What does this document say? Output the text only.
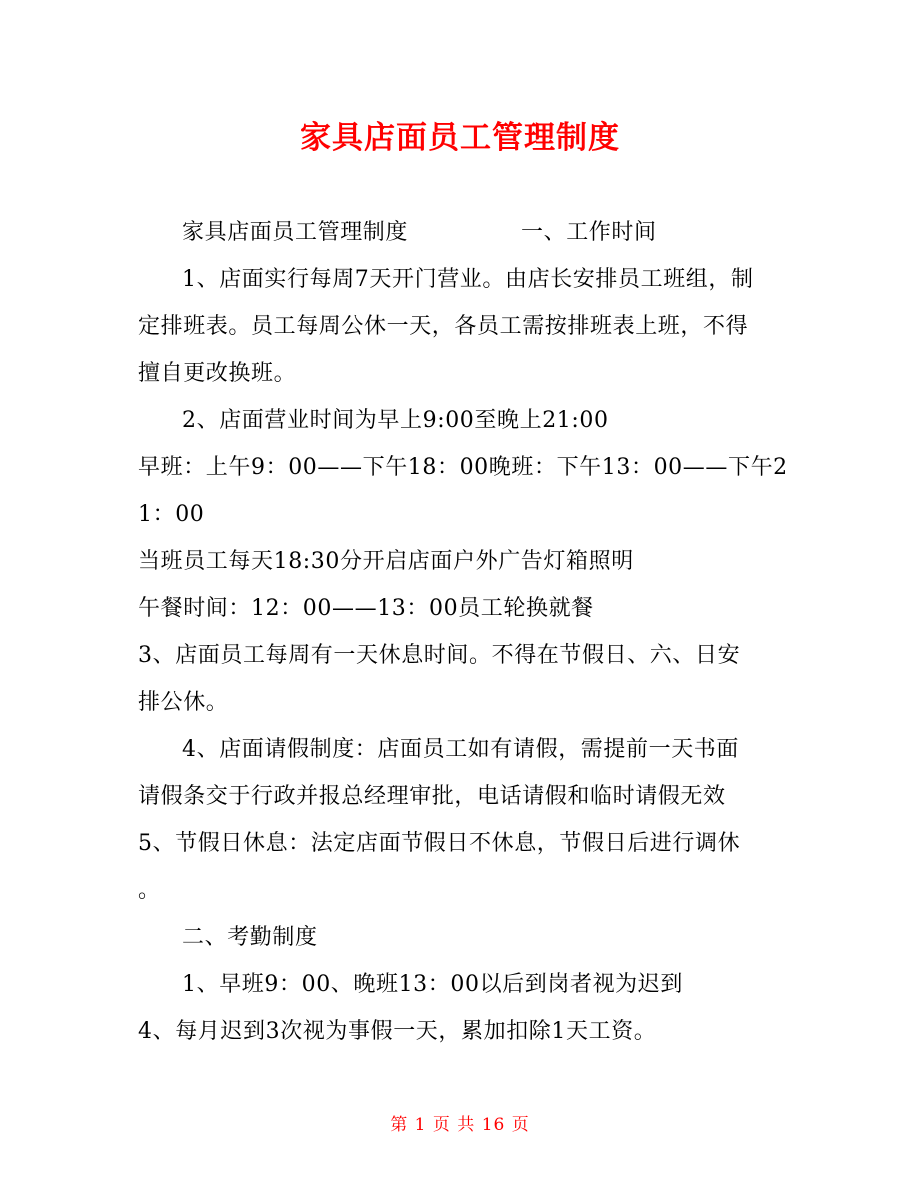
家具店面员工管理制度
家具店面员工管理制度　　　　　一、工作时间
1、店面实行每周7天开门营业。由店长安排员工班组，制
定排班表。员工每周公休一天，各员工需按排班表上班，不得
擅自更改换班。
2、店面营业时间为早上9:00至晚上21:00
早班：上午9：00——下午18：00晚班：下午13：00——下午2
1：00
当班员工每天18:30分开启店面户外广告灯箱照明
午餐时间：12：00——13：00员工轮换就餐
3、店面员工每周有一天休息时间。不得在节假日、六、日安
排公休。
4、店面请假制度：店面员工如有请假，需提前一天书面
请假条交于行政并报总经理审批，电话请假和临时请假无效
5、节假日休息：法定店面节假日不休息，节假日后进行调休
。
二、考勤制度
1、早班9：00、晚班13：00以后到岗者视为迟到
4、每月迟到3次视为事假一天，累加扣除1天工资。
第 1 页 共 16 页
